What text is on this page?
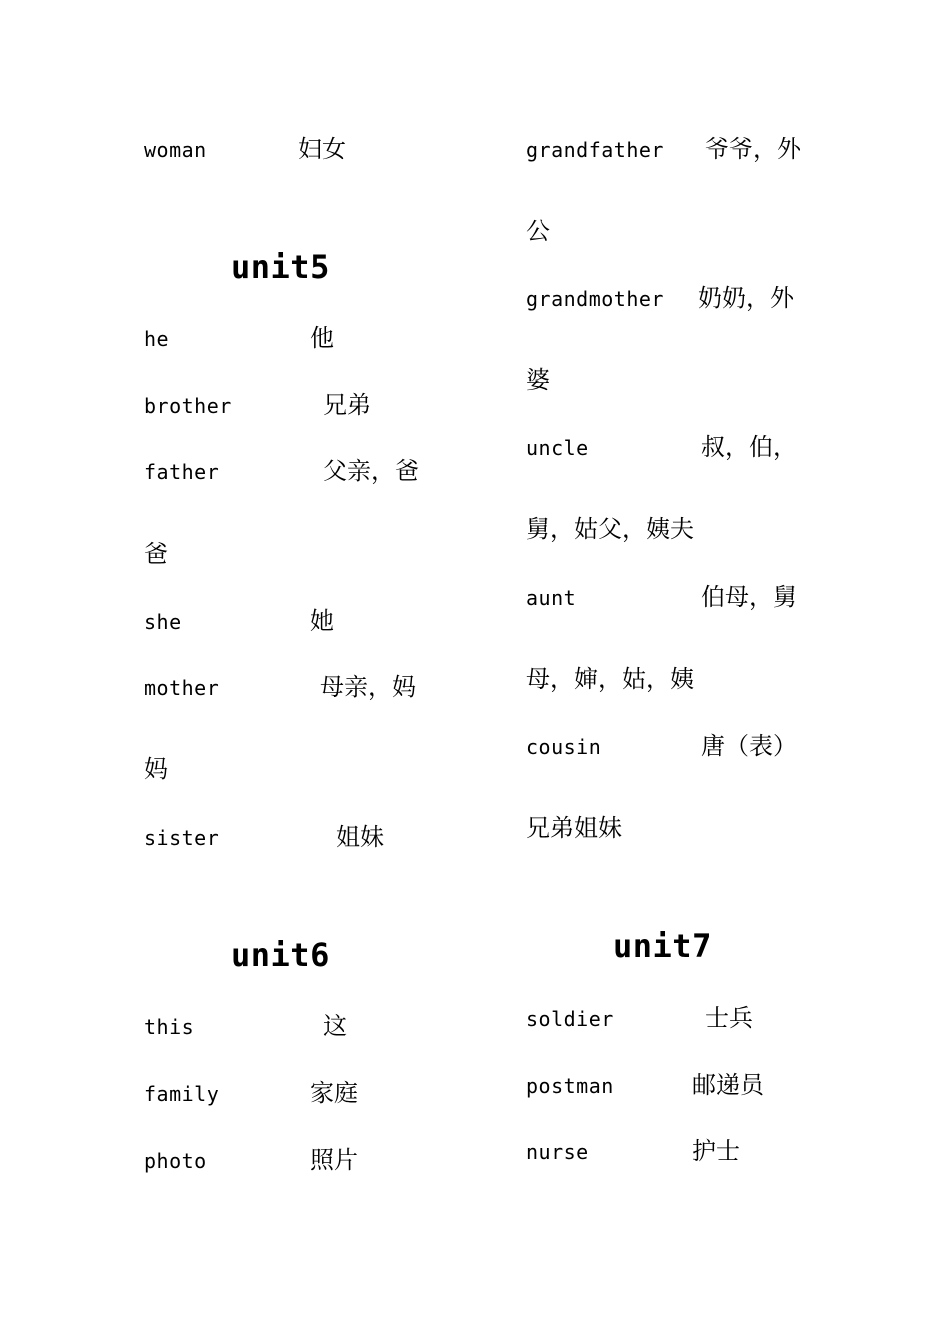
woman	妇女
unit5
he	他
brother	兄弟
father	父亲，爸
爸
she	她
mother	母亲，妈
妈
sister	姐妹
unit6
this	这
family	家庭
photo	照片
grandfather 爷爷，外
公
grandmother 奶奶，外
婆
uncle	叔，伯，
舅，姑父，姨夫
aunt	伯母，舅
母，婶，姑，姨
cousin	唐（表）
兄弟姐妹
unit7
soldier	士兵
postman	邮递员
nurse	护士
